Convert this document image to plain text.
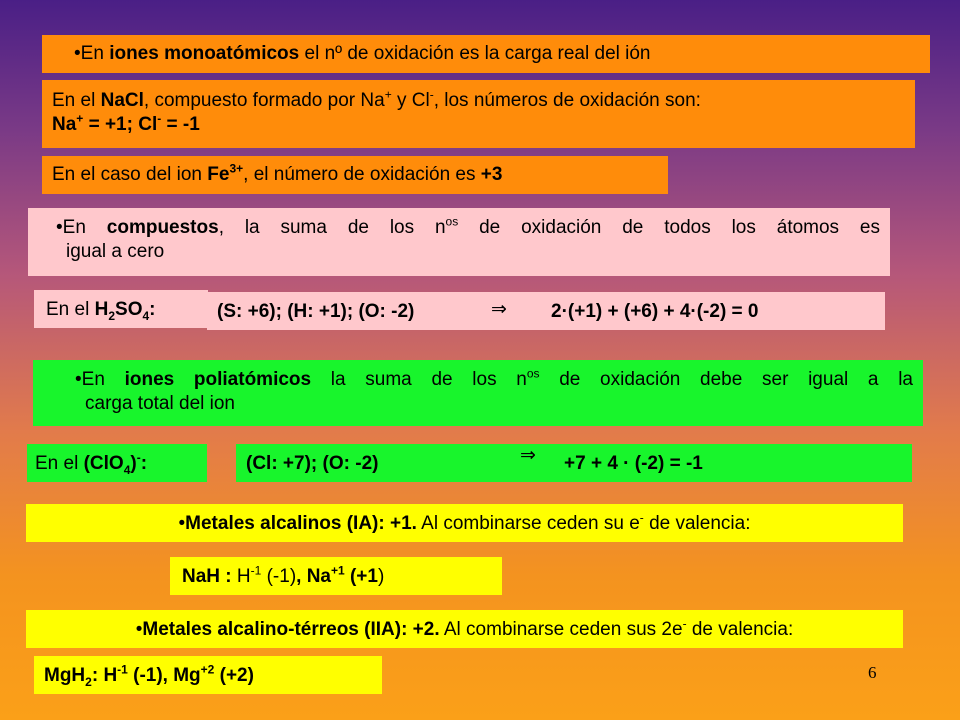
•En iones monoatómicos el nº de oxidación es la carga real del ión
En el NaCl, compuesto formado por Na+ y Cl-, los números de oxidación son:
Na+ = +1; Cl- = -1
En el caso del ion $Fe^{3+}$, el número de oxidación es +3
•En compuestos, la suma de los $n^{os}$ de oxidación de todos los átomos es
igual a cero
En el $H_2SO_4$:	(S: +6); (H: +1); (O: -2)	⇒	2·(+1) + (+6) + 4·(-2) = 0
•En iones poliatómicos la suma de los $n^{os}$ de oxidación debe ser igual a la
carga total del ion
En el (ClO$_4$)-:	(Cl: +7); (O: -2)	⇒ +7 + 4 · (-2) = -1
•Metales alcalinos (IA): +1. Al combinarse ceden su e- de valencia:
NaH : $H^{-1}$ (-1), $Na^{+1}$ (+1)
•Metales alcalino-térreos (IIA): +2. Al combinarse ceden sus 2e- de valencia:
MgH$_2$: $H^{-1}$ (-1), $Mg^{+2}$ (+2)	6
